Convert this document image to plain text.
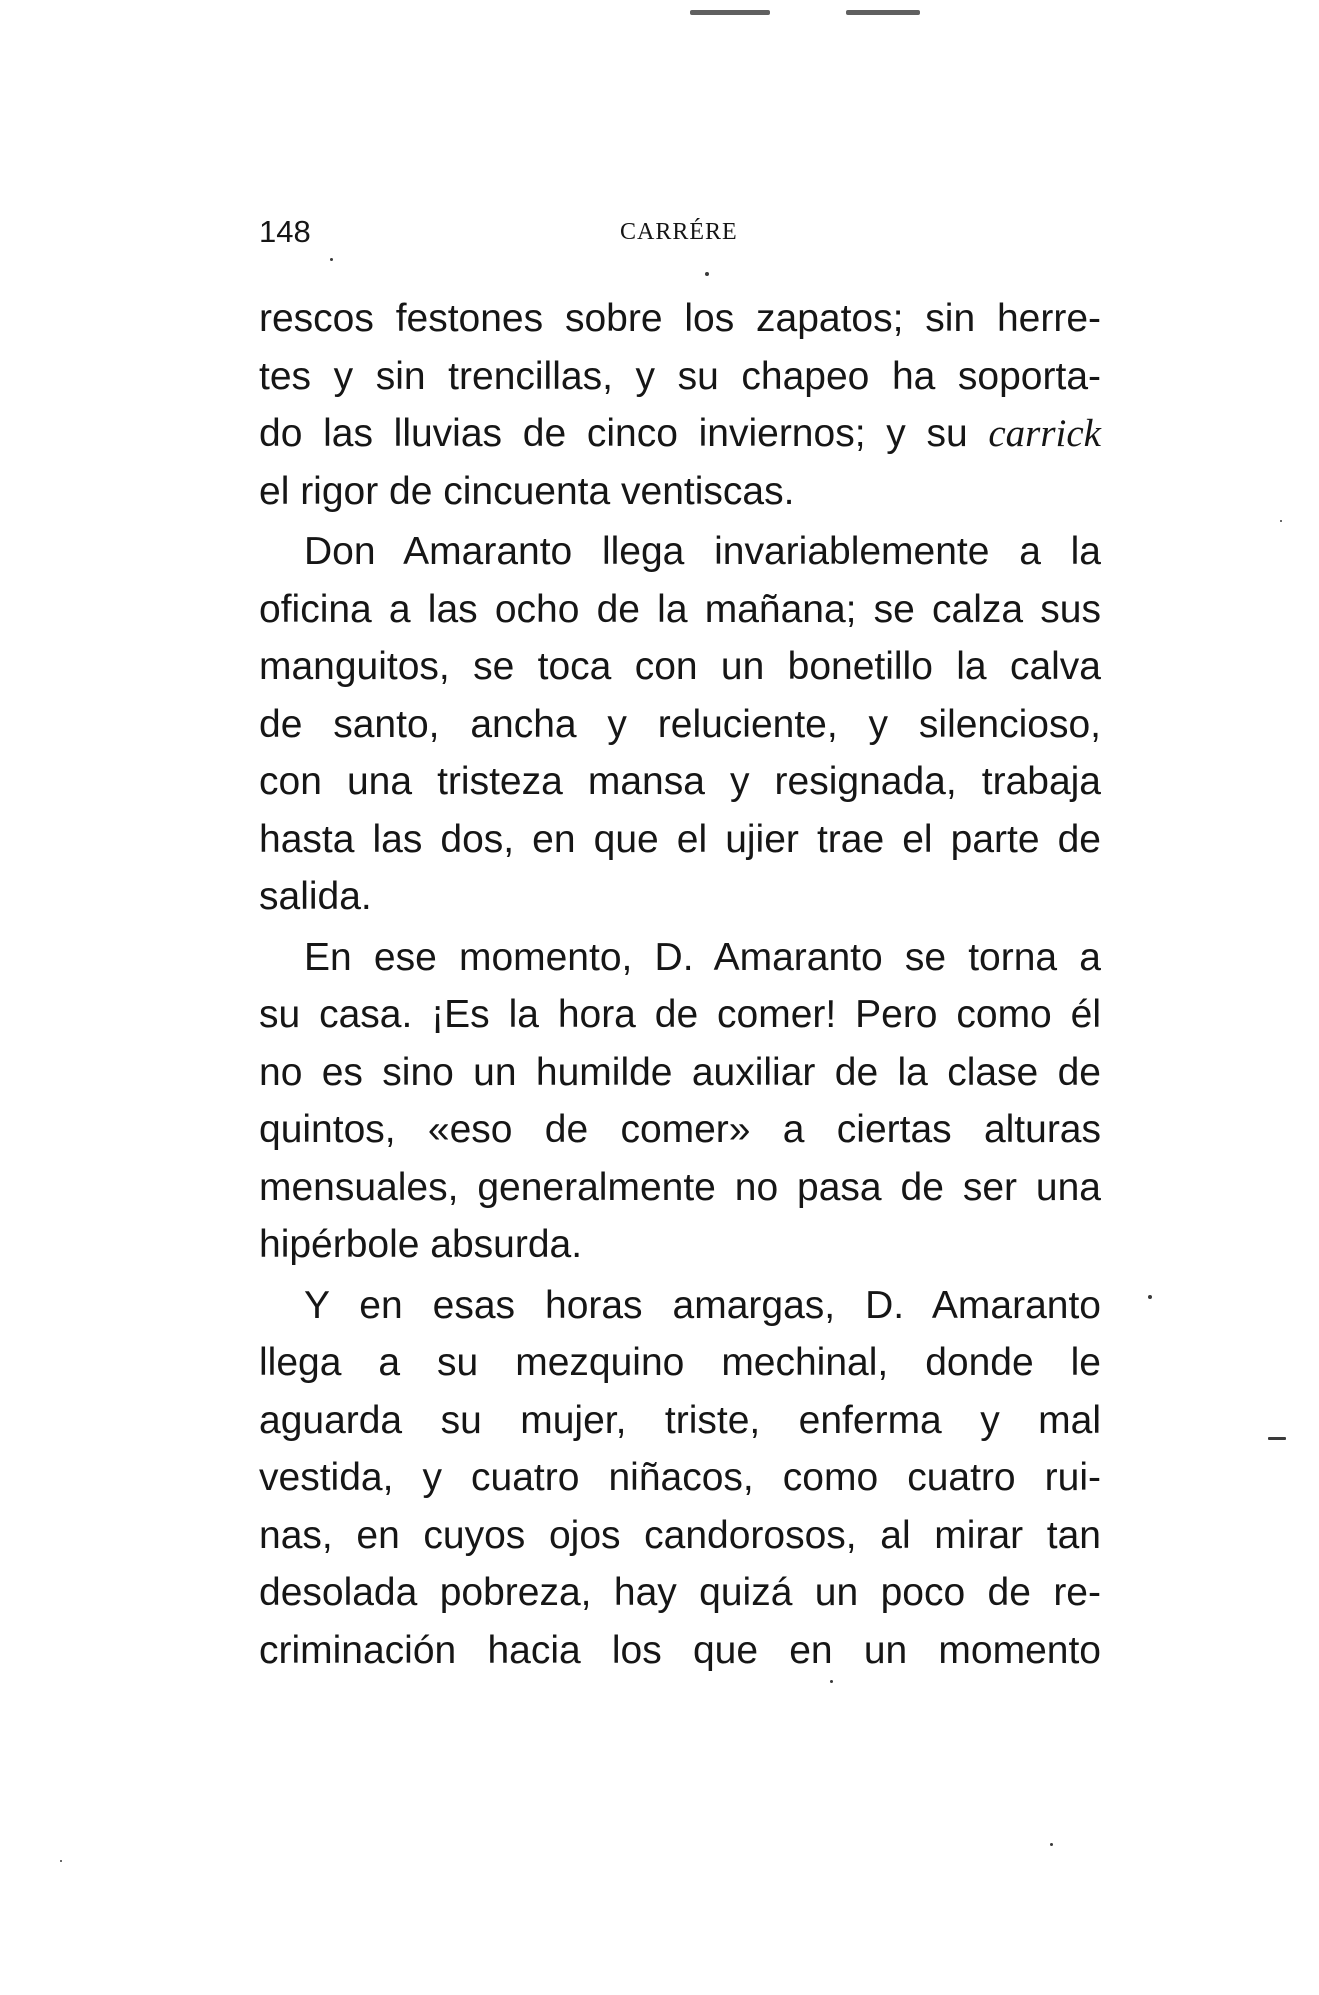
148	CARRÉRE
rescos festones sobre los zapatos; sin herre-
tes y sin trencillas, y su chapeo ha soporta-
do las lluvias de cinco inviernos; y su carrick
el rigor de cincuenta ventiscas.
Don Amaranto llega invariablemente a la
oficina a las ocho de la mañana; se calza sus
manguitos, se toca con un bonetillo la calva
de santo, ancha y reluciente, y silencioso,
con una tristeza mansa y resignada, trabaja
hasta las dos, en que el ujier trae el parte de
salida.
En ese momento, D. Amaranto se torna a
su casa. ¡Es la hora de comer! Pero como él
no es sino un humilde auxiliar de la clase de
quintos, «eso de comer» a ciertas alturas
mensuales, generalmente no pasa de ser una
hipérbole absurda.
Y en esas horas amargas, D. Amaranto
llega a su mezquino mechinal, donde le
aguarda su mujer, triste, enferma y mal
vestida, y cuatro niñacos, como cuatro rui-
nas, en cuyos ojos candorosos, al mirar tan
desolada pobreza, hay quizá un poco de re-
criminación hacia los que en un momento
